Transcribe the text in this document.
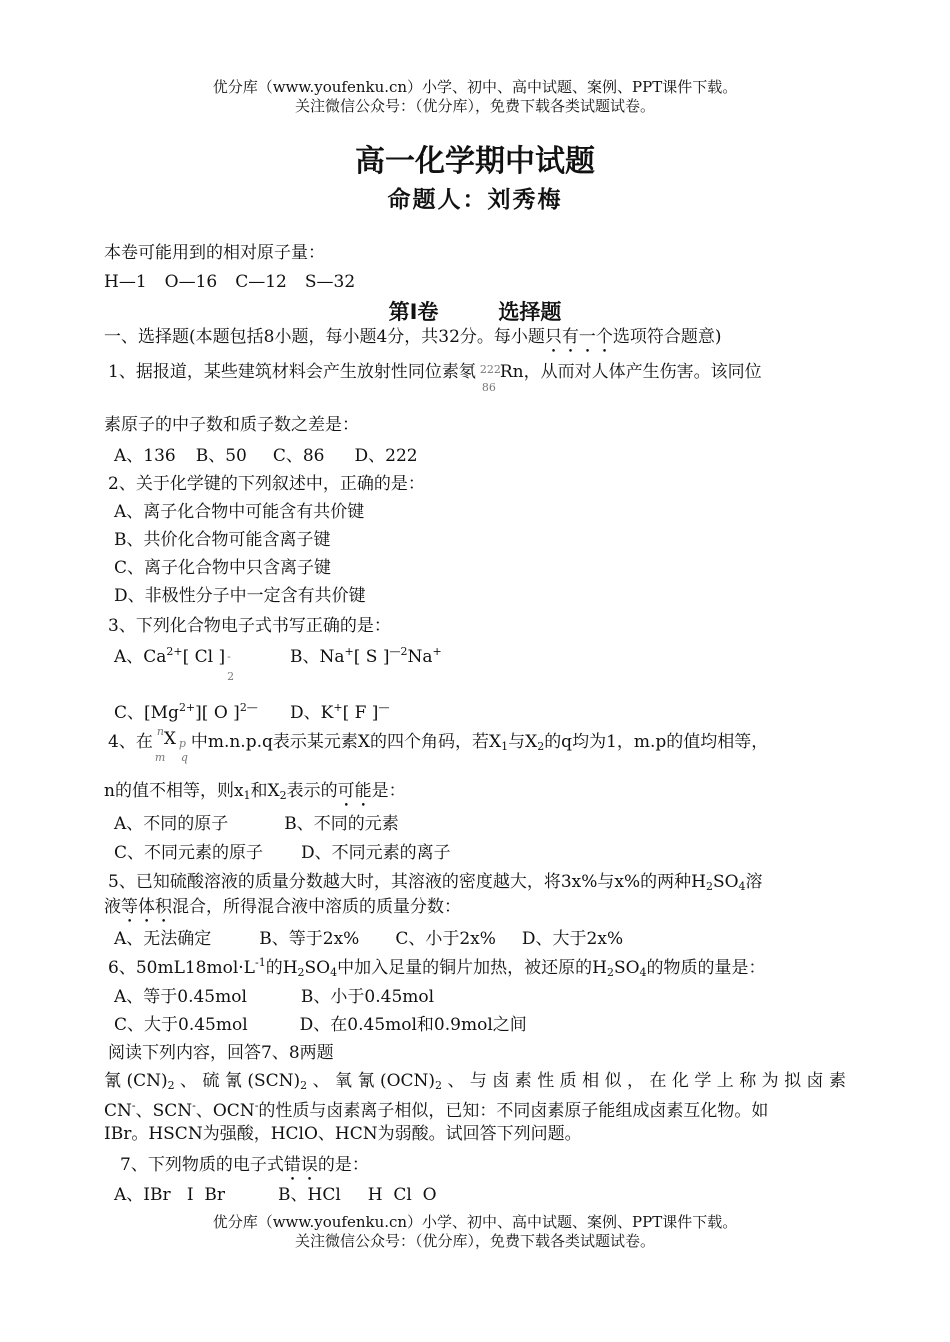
优分库（www.youfenku.cn）小学、初中、高中试题、案例、PPT课件下载。
关注微信公众号：（优分库），免费下载各类试题试卷。
高一化学期中试题
命题人：刘秀梅
本卷可能用到的相对原子量：
H—1 O—16 C—12 S—32
第Ⅰ卷	选择题
一、选择题(本题包括8小题，每小题4分，共32分。每小题只有一个选项符合题意)
1、据报道，某些建筑材料会产生放射性同位素氡 222
86
Rn，从而对人体产生伤害。该同位
素原子的中子数和质子数之差是：
A、136 B、50 C、86 D、222
2、关于化学键的下列叙述中，正确的是：
A、离子化合物中可能含有共价键
B、共价化合物可能含离子键
C、离子化合物中只含离子键
D、非极性分子中一定含有共价键
3、下列化合物电子式书写正确的是：
A、$Ca^{2+}$[ Cl ] -
2
B、Na+[ S ]$^{—2}$Na+
C、$[Mg^{2+}]$[ O ]$^{2—}$ D、K+[ F ]—
4、在
n
m
X p
q
中m.n.p.q表示某元素X的四个角码，若$X_1$与$X_2$的q均为1，m.p的值均相等，
n的值不相等，则$x_1$和$X_2$表示的可能是：
A、不同的原子	B、不同的元素
C、不同元素的原子 D、不同元素的离子
5、已知硫酸溶液的质量分数越大时，其溶液的密度越大，将3x%与x%的两种$H_2SO_4$溶
液等体积混合，所得混合液中溶质的质量分数：
A、无法确定	B、等于2x% C、小于2x% D、大于2x%
6、$50mL18mol\cdot L^{-1}$的$H_2SO_4$中加入足量的铜片加热，被还原的$H_2SO_4$的物质的量是：
A、等于0.45mol	B、小于0.45mol
C、大于0.45mol	D、在0.45mol和0.9mol之间
阅读下列内容，回答7、8两题
氰$(CN)_2$、硫氰$(SCN)_2$、氧氰$(OCN)_2$、与卤素性质相似，在化学上称为拟卤素
CN-、SCN-、OCN-的性质与卤素离子相似，已知：不同卤素原子能组成卤素互化物。如
IBr。HSCN为强酸，HClO、HCN为弱酸。试回答下列问题。
7、下列物质的电子式错误的是：
A、IBr   I  Br	B、HCl     H  Cl  O
优分库（www.youfenku.cn）小学、初中、高中试题、案例、PPT课件下载。
关注微信公众号：（优分库），免费下载各类试题试卷。
